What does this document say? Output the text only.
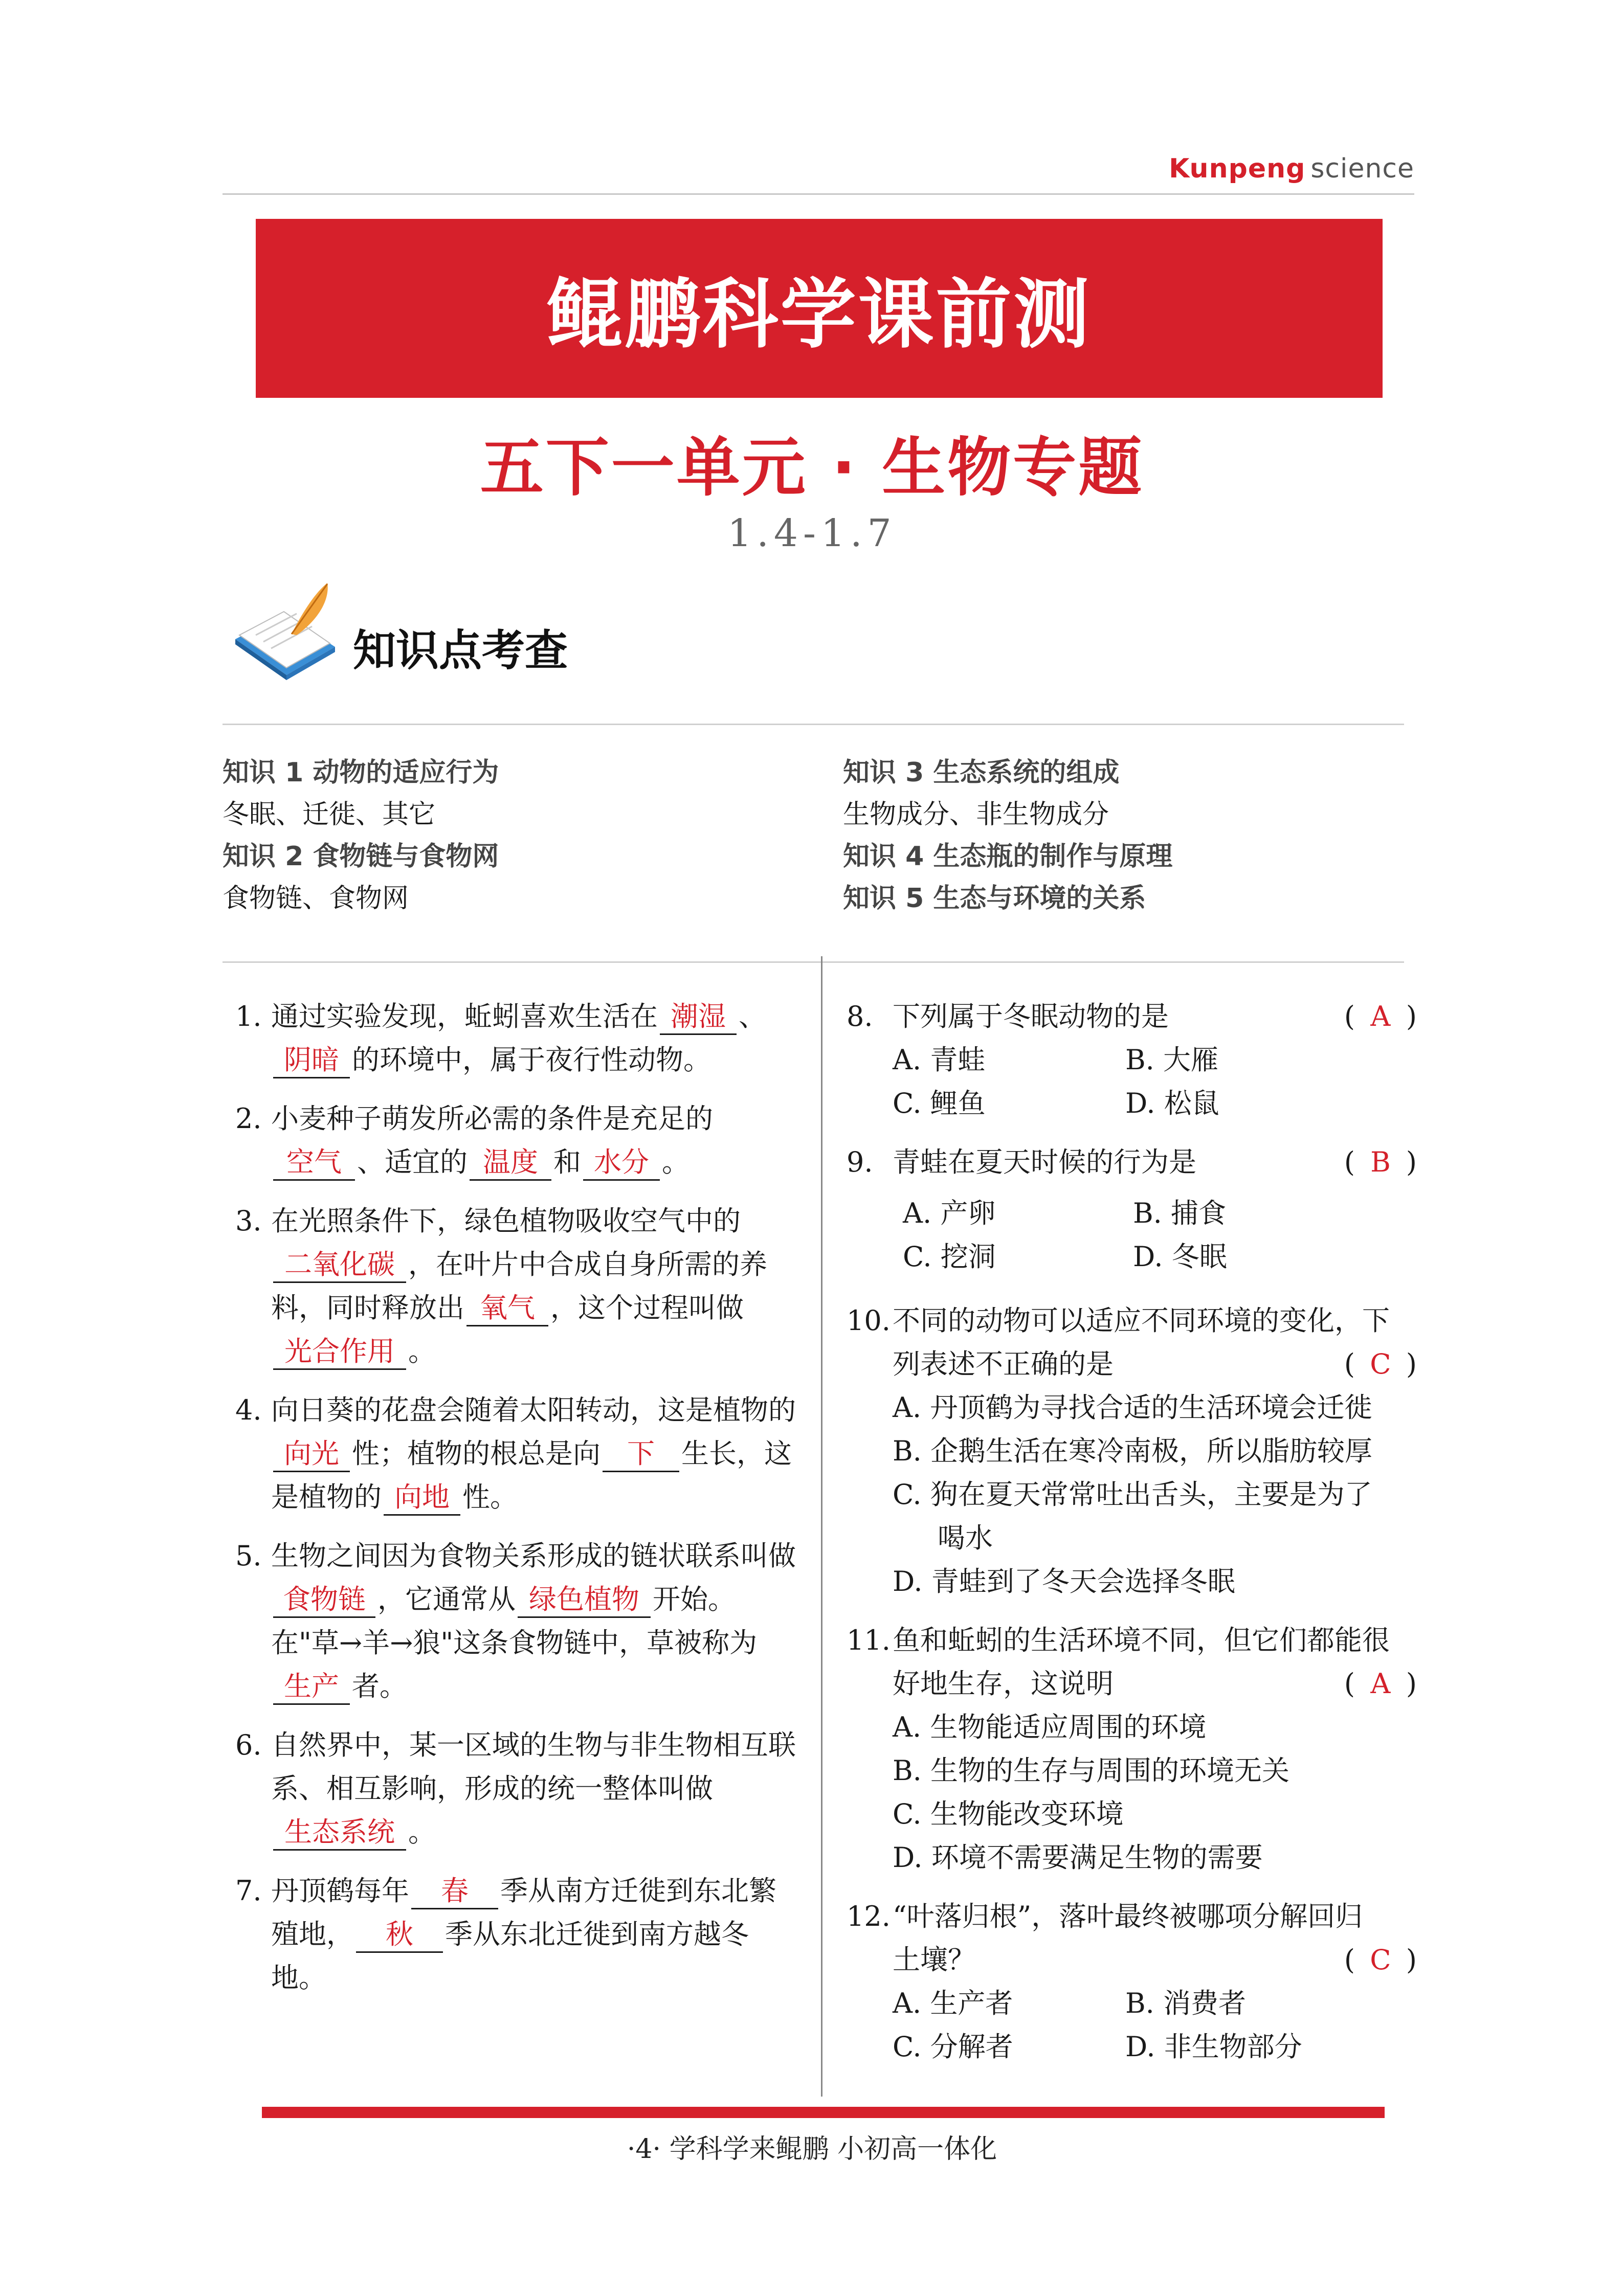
Kunpeng science
鲲鹏科学课前测
五下一单元 · 生物专题
1.4-1.7
知识点考查
知识 1 动物的适应行为
冬眠、迁徙、其它
知识 2 食物链与食物网
食物链、食物网
知识 3 生态系统的组成
生物成分、非生物成分
知识 4 生态瓶的制作与原理
知识 5 生态与环境的关系
1. 通过实验发现，蚯蚓喜欢生活在 潮湿 、
阴暗 的环境中，属于夜行性动物。
2. 小麦种子萌发所必需的条件是充足的
空气 、适宜的 温度 和 水分 。
3. 在光照条件下，绿色植物吸收空气中的
二氧化碳 ，在叶片中合成自身所需的养料，同时释放出 氧气 ，这个过程叫做
光合作用 。
4. 向日葵的花盘会随着太阳转动，这是植物的向光 性；植物的根总是向 下 生长，这是植物的 向地 性。
5. 生物之间因为食物关系形成的链状联系叫做食物链 ，它通常从 绿色植物 开始。在"草→羊→狼"这条食物链中，草被称为生产 者。
6. 自然界中，某一区域的生物与非生物相互联系、相互影响，形成的统一整体叫做生态系统 。
7. 丹顶鹤每年 春 季从南方迁徙到东北繁殖地， 秋 季从东北迁徙到南方越冬地。
8. 下列属于冬眠动物的是	( A )
A. 青蛙	B. 大雁
C. 鲤鱼	D. 松鼠
9. 青蛙在夏天时候的行为是	( B )
A. 产卵	B. 捕食
C. 挖洞	D. 冬眠
10. 不同的动物可以适应不同环境的变化，下
列表述不正确的是	( C )
A. 丹顶鹤为寻找合适的生活环境会迁徙
B. 企鹅生活在寒冷南极，所以脂肪较厚
C. 狗在夏天常常吐出舌头，主要是为了
喝水
D. 青蛙到了冬天会选择冬眠
11. 鱼和蚯蚓的生活环境不同，但它们都能很
好地生存，这说明	( A )
A. 生物能适应周围的环境
B. 生物的生存与周围的环境无关
C. 生物能改变环境
D. 环境不需要满足生物的需要
12. “叶落归根”，落叶最终被哪项分解回归
土壤？	( C )
A. 生产者	B. 消费者
C. 分解者	D. 非生物部分
·4· 学科学来鲲鹏 小初高一体化
